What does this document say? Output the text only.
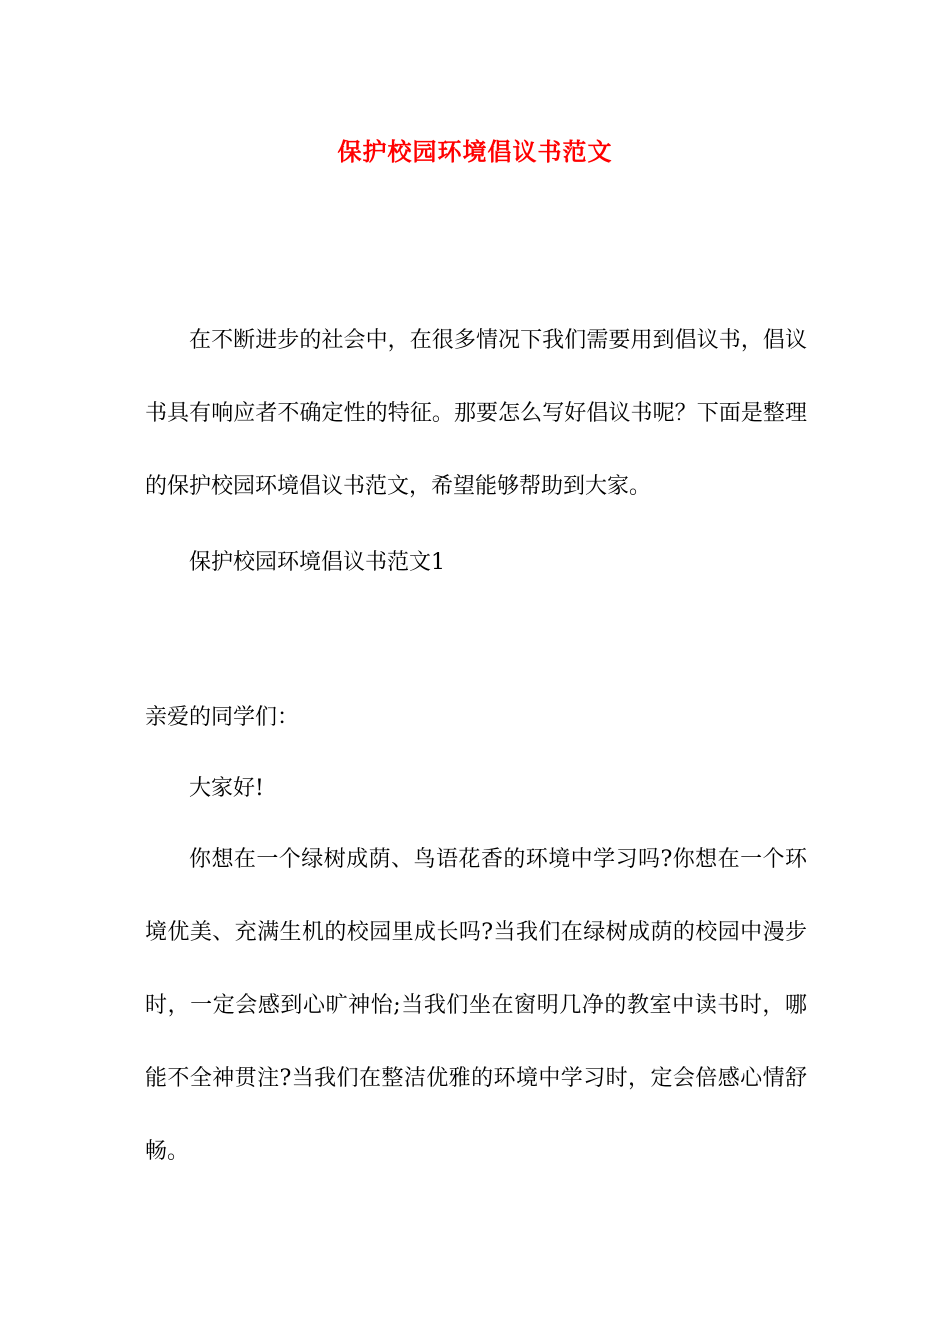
保护校园环境倡议书范文

在不断进步的社会中，在很多情况下我们需要用到倡议书，倡议书具有响应者不确定性的特征。那要怎么写好倡议书呢？下面是整理的保护校园环境倡议书范文，希望能够帮助到大家。

保护校园环境倡议书范文1

亲爱的同学们：

大家好!

你想在一个绿树成荫、鸟语花香的环境中学习吗?你想在一个环境优美、充满生机的校园里成长吗?当我们在绿树成荫的校园中漫步时，一定会感到心旷神怡;当我们坐在窗明几净的教室中读书时，哪能不全神贯注?当我们在整洁优雅的环境中学习时，定会倍感心情舒畅。
